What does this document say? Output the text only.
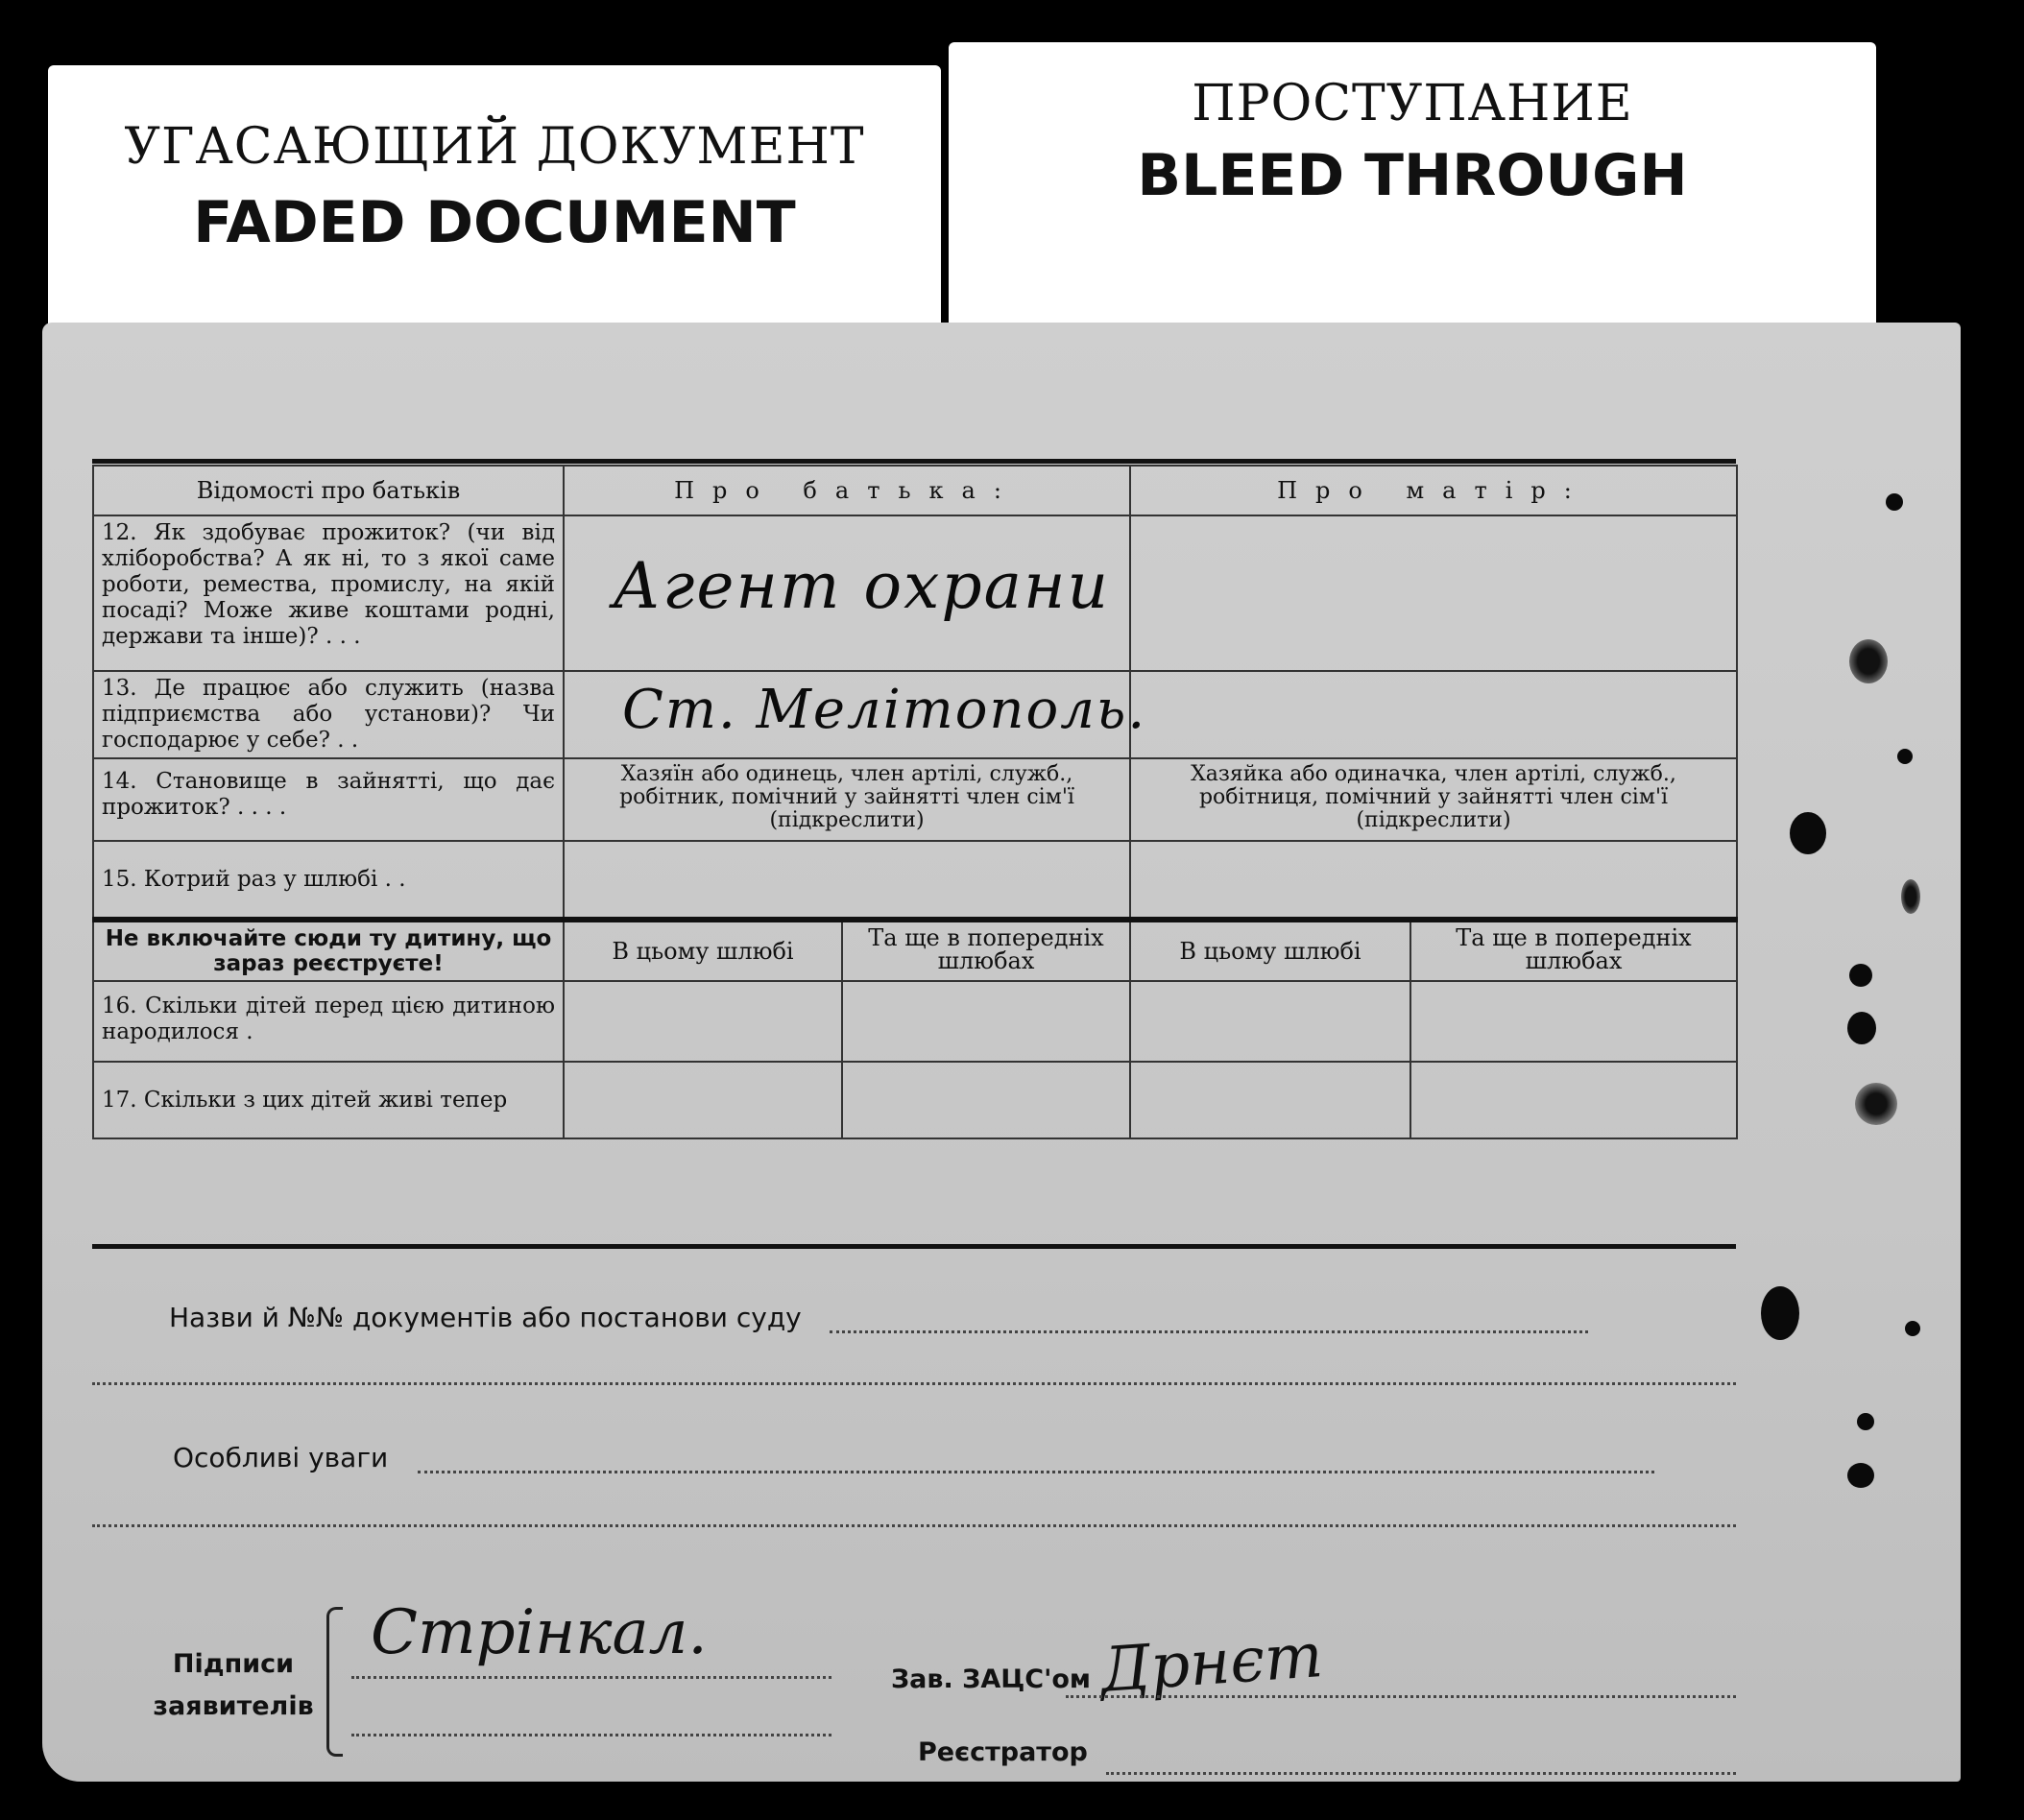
УГАСАЮЩИЙ ДОКУМЕНТ
FADED DOCUMENT
ПРОСТУПАНИЕ
BLEED THROUGH
Відомості про батьків	Про батька:		Про матір:	
12. Як здобуває прожиток? (чи від хліборобства? А як ні, то з якої саме роботи, ремества, промислу, на якій посаді? Може живе коштами родні, держави та інше)? . . .	Агент охрани			
13. Де працює або служить (назва підприємства або установи)? Чи господарює у себе? . .	Ст. Мелітополь.			
14. Становище в зайнятті, що дає прожиток? . . . .	Хазяїн або одинець, член артілі, служб., робітник, помічний у зайнятті член сім'ї (підкреслити)		Хазяйка або одиначка, член артілі, служб., робітниця, помічний у зайнятті член сім'ї (підкреслити)	
15. Котрий раз у шлюбі . .				
Не включайте сюди ту дитину, що зараз реєструєте!	В цьому шлюбі	Та ще в попередніх шлюбах	В цьому шлюбі	Та ще в попередніх шлюбах
16. Скільки дітей перед цією дитиною народилося .				
17. Скільки з цих дітей живі тепер				
Назви й №№ документів або постанови суду
Особливі уваги
Підписи заявителів
Стрінкал.
Зав. ЗАЦС'ом Дрнєт
Реєстратор
